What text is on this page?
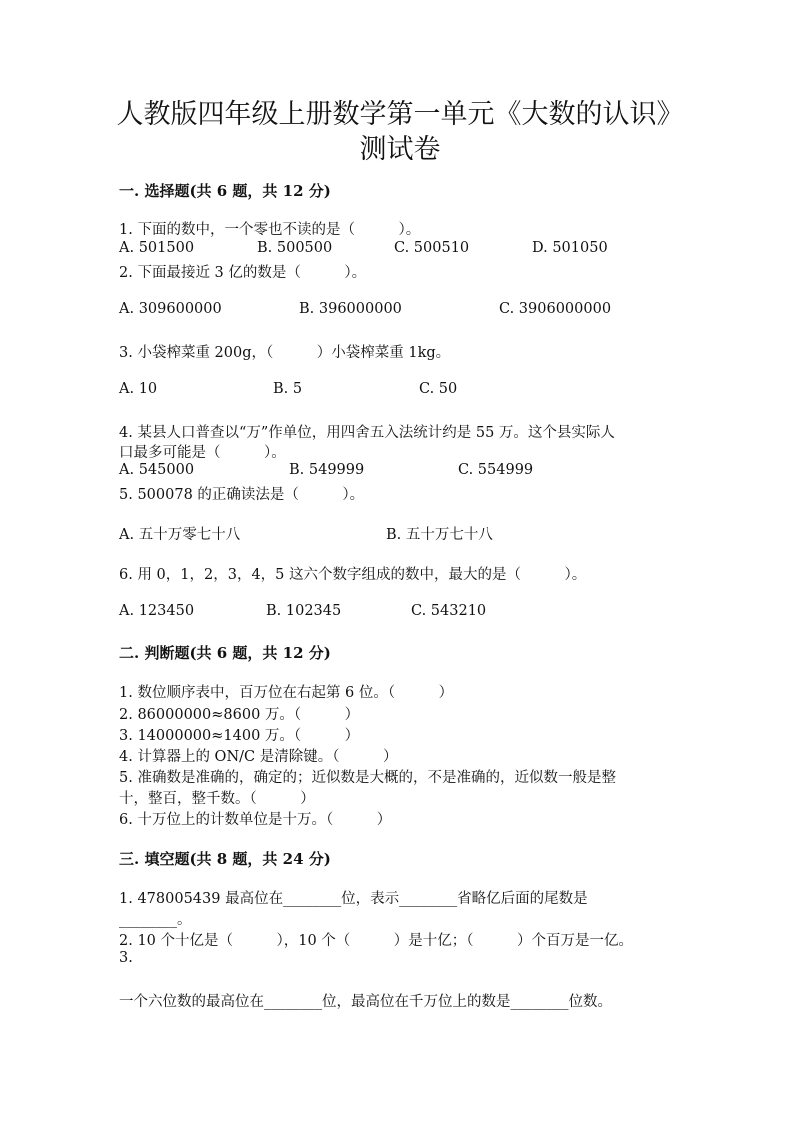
人教版四年级上册数学第一单元《大数的认识》测试卷
一. 选择题(共 6 题，共 12 分)
1. 下面的数中，一个零也不读的是（　　　）。
A. 501500	B. 500500	C. 500510	D. 501050
2. 下面最接近 3 亿的数是（　　　）。
A. 309600000	B. 396000000	C. 3906000000
3. 小袋榨菜重 200g，（　　　）小袋榨菜重 1kg。
A. 10	B. 5	C. 50
4. 某县人口普查以“万”作单位，用四舍五入法统计约是 55 万。这个县实际人
口最多可能是（　　　）。
A. 545000	B. 549999	C. 554999
5. 500078 的正确读法是（　　　）。
A. 五十万零七十八	B. 五十万七十八
6. 用 0，1，2，3，4，5 这六个数字组成的数中，最大的是（　　　）。
A. 123450	B. 102345	C. 543210
二. 判断题(共 6 题，共 12 分)
1. 数位顺序表中，百万位在右起第 6 位。（　　　）
2. 86000000≈8600 万。（　　　）
3. 14000000≈1400 万。（　　　）
4. 计算器上的 ON/C 是清除键。（　　　）
5. 准确数是准确的，确定的；近似数是大概的，不是准确的，近似数一般是整
十，整百，整千数。（　　　）
6. 十万位上的计数单位是十万。（　　　）
三. 填空题(共 8 题，共 24 分)
1. 478005439 最高位在________位，表示________省略亿后面的尾数是
________。
2. 10 个十亿是（　　　），10 个（　　　）是十亿；（　　　）个百万是一亿。
3.
一个六位数的最高位在________位，最高位在千万位上的数是________位数。
